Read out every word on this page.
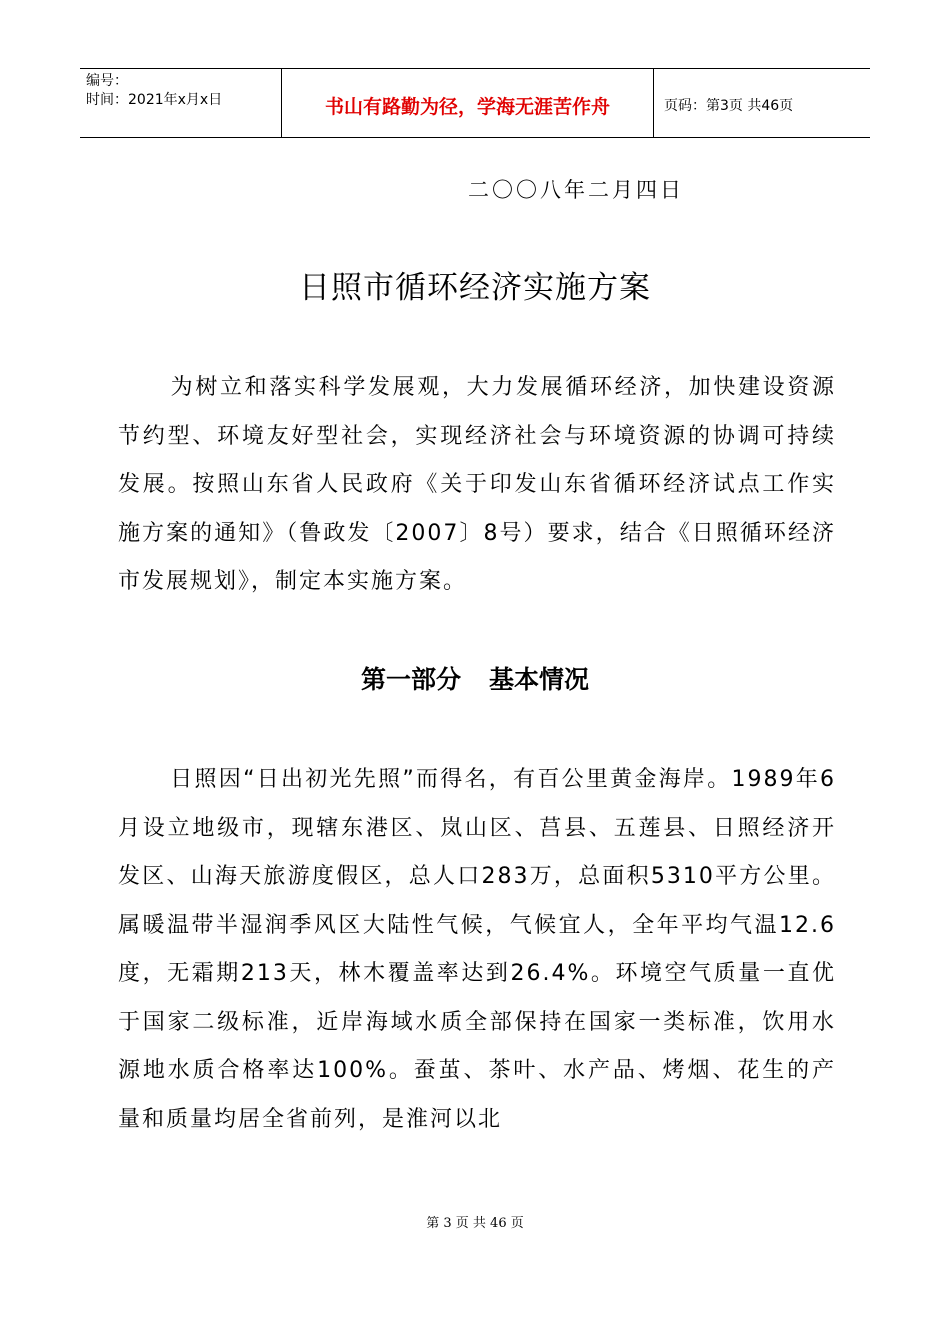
编号：
时间：2021年x月x日	书山有路勤为径，学海无涯苦作舟	页码：第3页 共46页
二〇〇八年二月四日
日照市循环经济实施方案
为树立和落实科学发展观，大力发展循环经济，加快建设资源节约型、环境友好型社会，实现经济社会与环境资源的协调可持续发展。按照山东省人民政府《关于印发山东省循环经济试点工作实施方案的通知》（鲁政发〔2007〕8号）要求，结合《日照循环经济市发展规划》，制定本实施方案。
第一部分 基本情况
日照因“日出初光先照”而得名，有百公里黄金海岸。1989年6月设立地级市，现辖东港区、岚山区、莒县、五莲县、日照经济开发区、山海天旅游度假区，总人口283万，总面积5310平方公里。属暖温带半湿润季风区大陆性气候，气候宜人，全年平均气温12.6度，无霜期213天，林木覆盖率达到26.4%。环境空气质量一直优于国家二级标准，近岸海域水质全部保持在国家一类标准，饮用水源地水质合格率达100%。蚕茧、茶叶、水产品、烤烟、花生的产量和质量均居全省前列，是淮河以北
第 3 页 共 46 页
